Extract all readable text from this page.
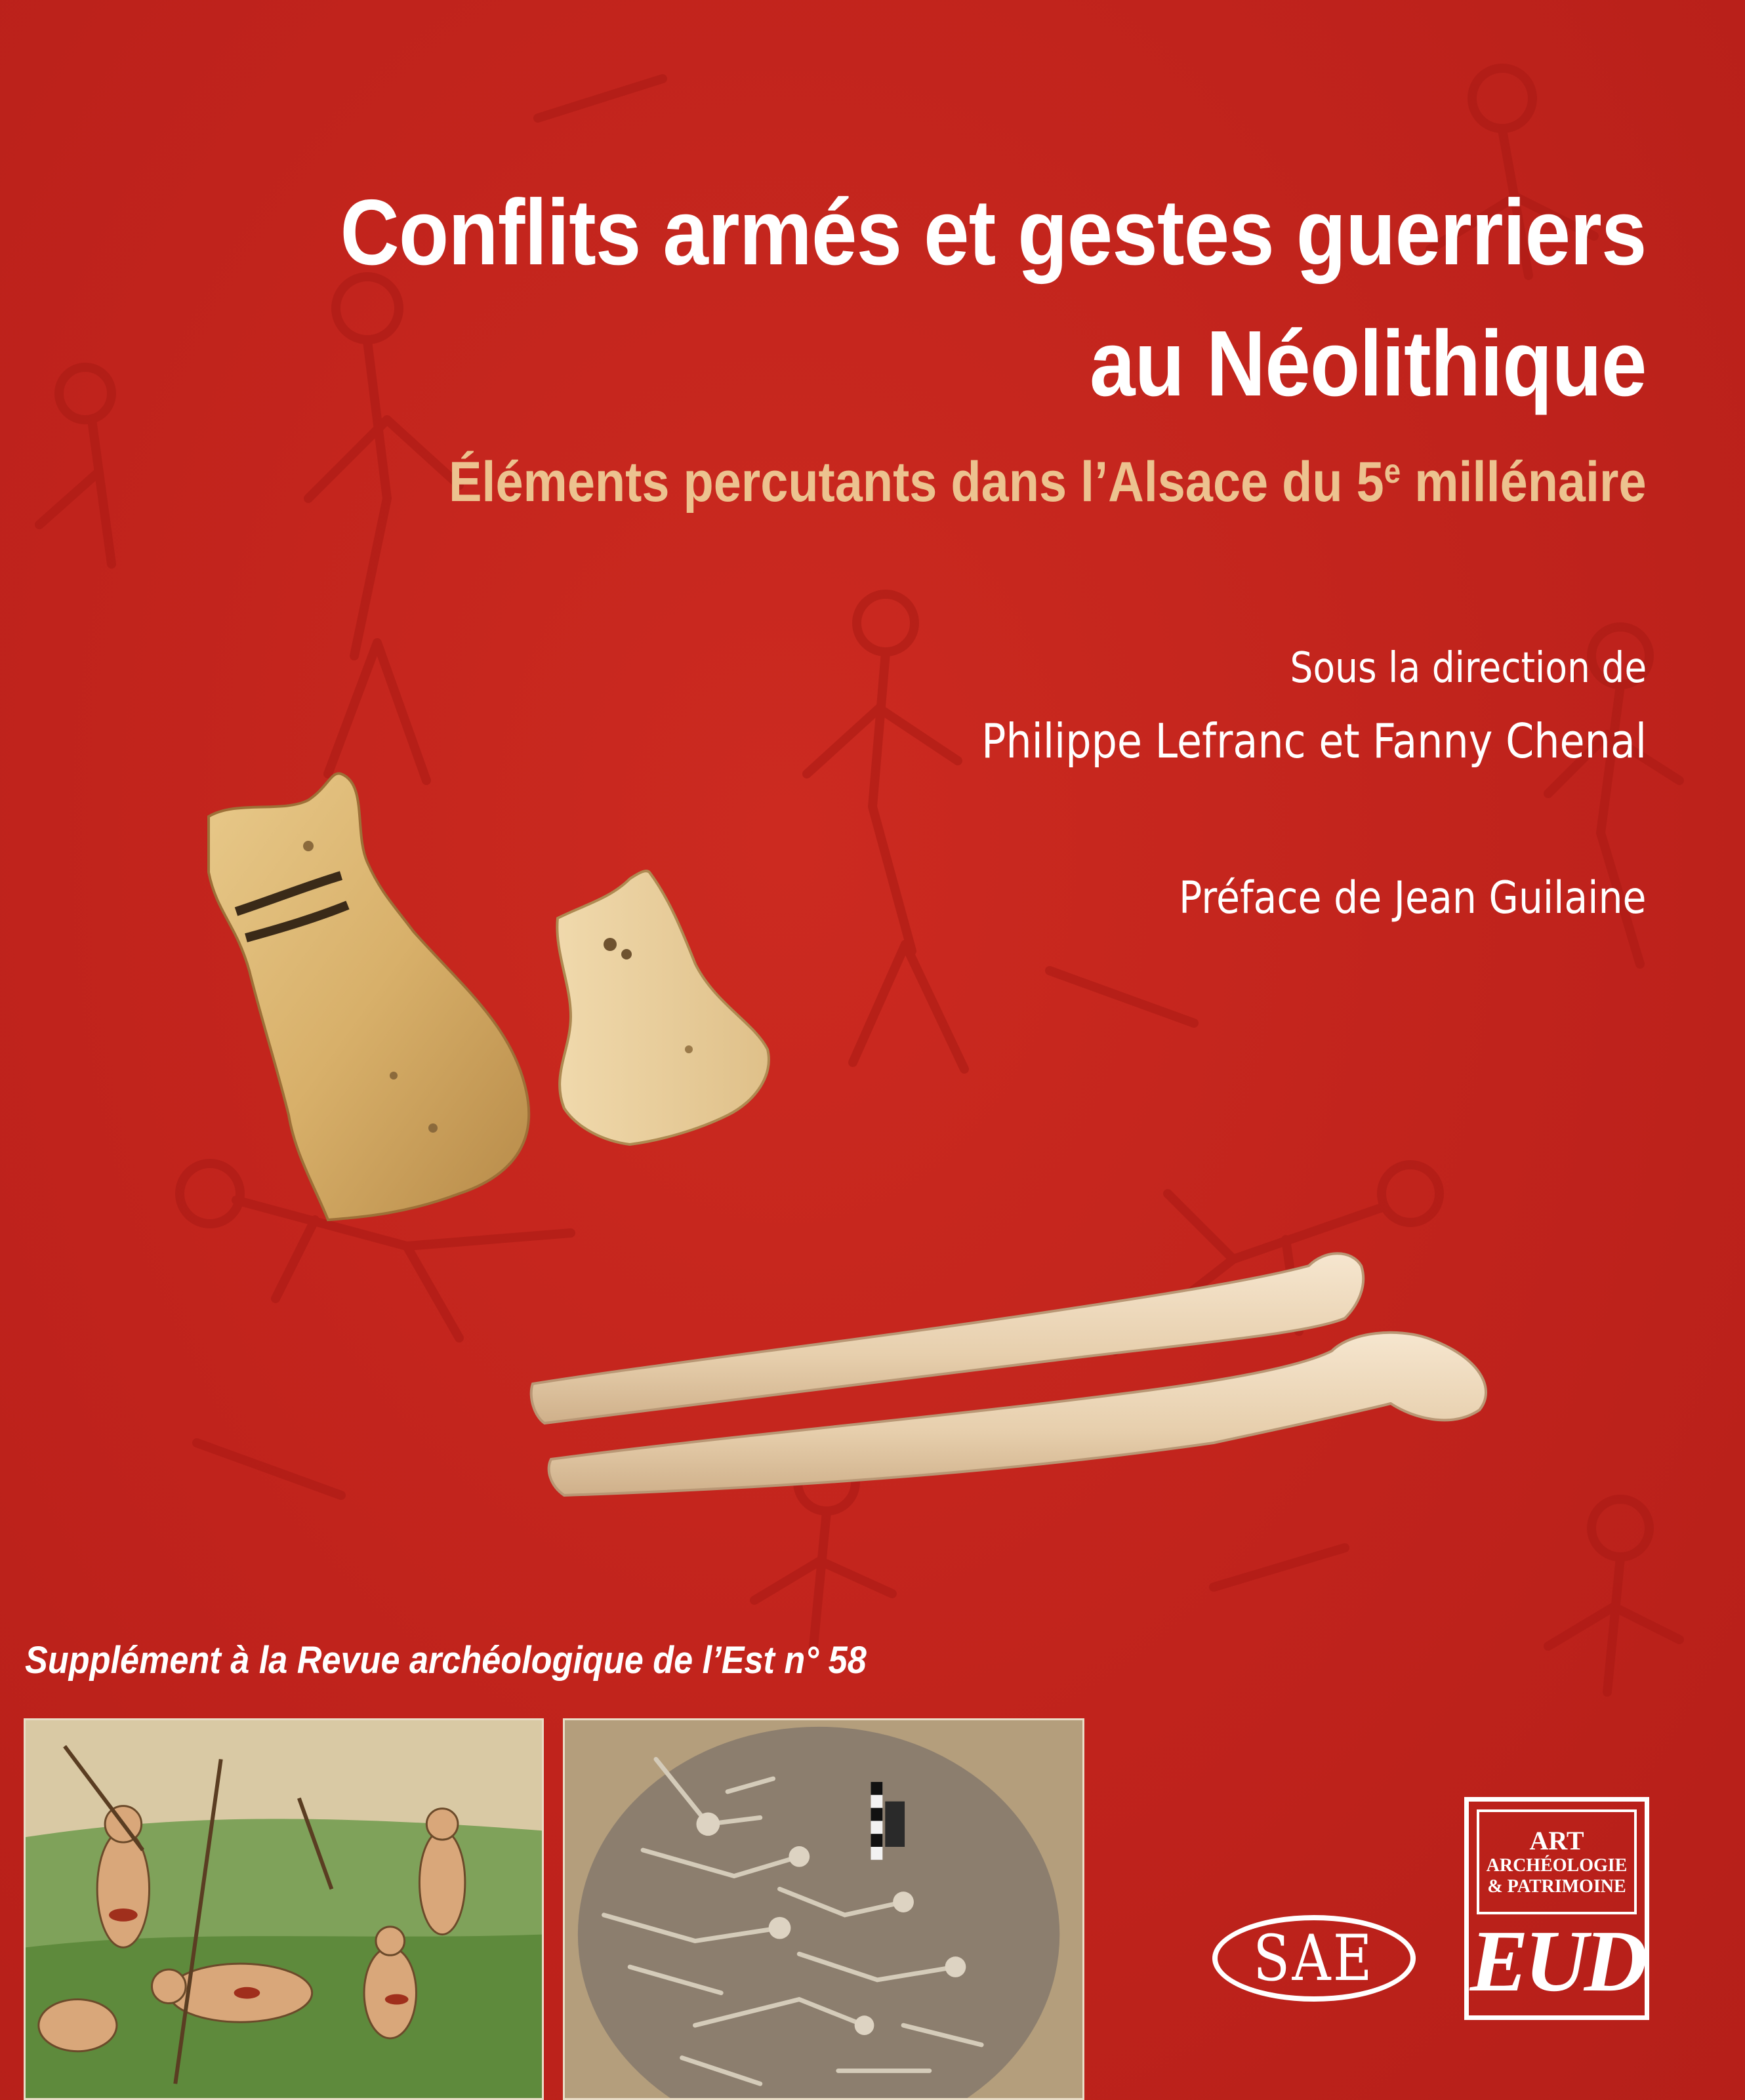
Conflits armés et gestes guerriers
au Néolithique

Éléments percutants dans l’Alsace du 5e millénaire

Sous la direction de

Philippe Lefranc et Fanny Chenal

Préface de Jean Guilaine

Supplément à la Revue archéologique de l’Est n° 58

SAE
ART
ARCHÉOLOGIE
& PATRIMOINE
EUD
